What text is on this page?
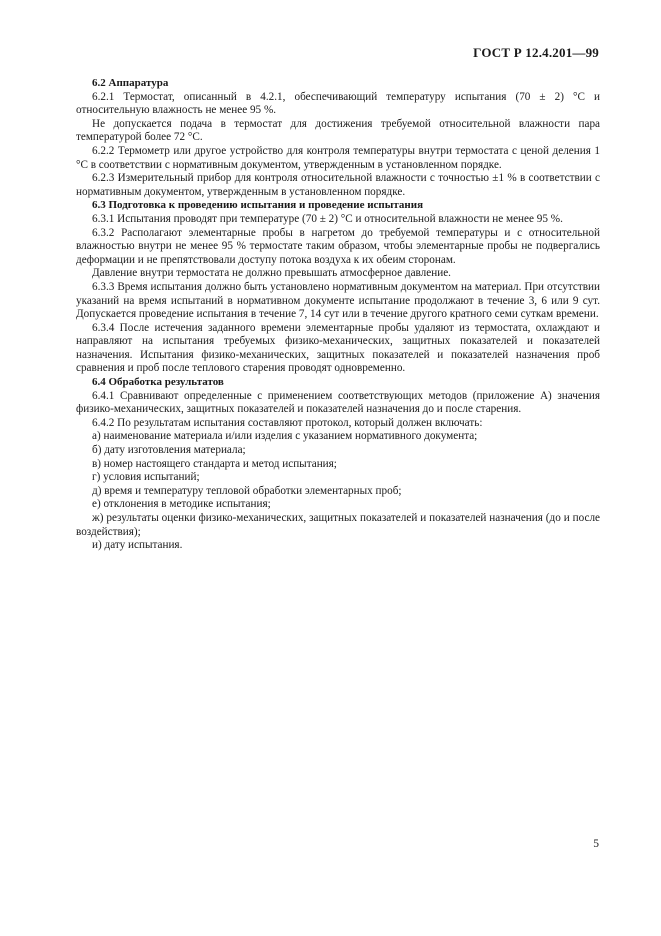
ГОСТ Р 12.4.201—99

6.2 Аппаратура

6.2.1 Термостат, описанный в 4.2.1, обеспечивающий температуру испытания (70 ± 2) °С и относительную влажность не менее 95 %.

Не допускается подача в термостат для достижения требуемой относительной влажности пара температурой более 72 °С.

6.2.2 Термометр или другое устройство для контроля температуры внутри термостата с ценой деления 1 °С в соответствии с нормативным документом, утвержденным в установленном порядке.

6.2.3 Измерительный прибор для контроля относительной влажности с точностью ±1 % в соответствии с нормативным документом, утвержденным в установленном порядке.

6.3 Подготовка к проведению испытания и проведение испытания

6.3.1 Испытания проводят при температуре (70 ± 2) °С и относительной влажности не менее 95 %.

6.3.2 Располагают элементарные пробы в нагретом до требуемой температуры и с относительной влажностью внутри не менее 95 % термостате таким образом, чтобы элементарные пробы не подвергались деформации и не препятствовали доступу потока воздуха к их обеим сторонам.

Давление внутри термостата не должно превышать атмосферное давление.

6.3.3 Время испытания должно быть установлено нормативным документом на материал. При отсутствии указаний на время испытаний в нормативном документе испытание продолжают в течение 3, 6 или 9 сут. Допускается проведение испытания в течение 7, 14 сут или в течение другого кратного семи суткам времени.

6.3.4 После истечения заданного времени элементарные пробы удаляют из термостата, охлаждают и направляют на испытания требуемых физико-механических, защитных показателей и показателей назначения. Испытания физико-механических, защитных показателей и показателей назначения проб сравнения и проб после теплового старения проводят одновременно.

6.4 Обработка результатов

6.4.1 Сравнивают определенные с применением соответствующих методов (приложение А) значения физико-механических, защитных показателей и показателей назначения до и после старения.

6.4.2 По результатам испытания составляют протокол, который должен включать:

а) наименование материала и/или изделия с указанием нормативного документа;

б) дату изготовления материала;

в) номер настоящего стандарта и метод испытания;

г) условия испытаний;

д) время и температуру тепловой обработки элементарных проб;

е) отклонения в методике испытания;

ж) результаты оценки физико-механических, защитных показателей и показателей назначения (до и после воздействия);

и) дату испытания.

5
